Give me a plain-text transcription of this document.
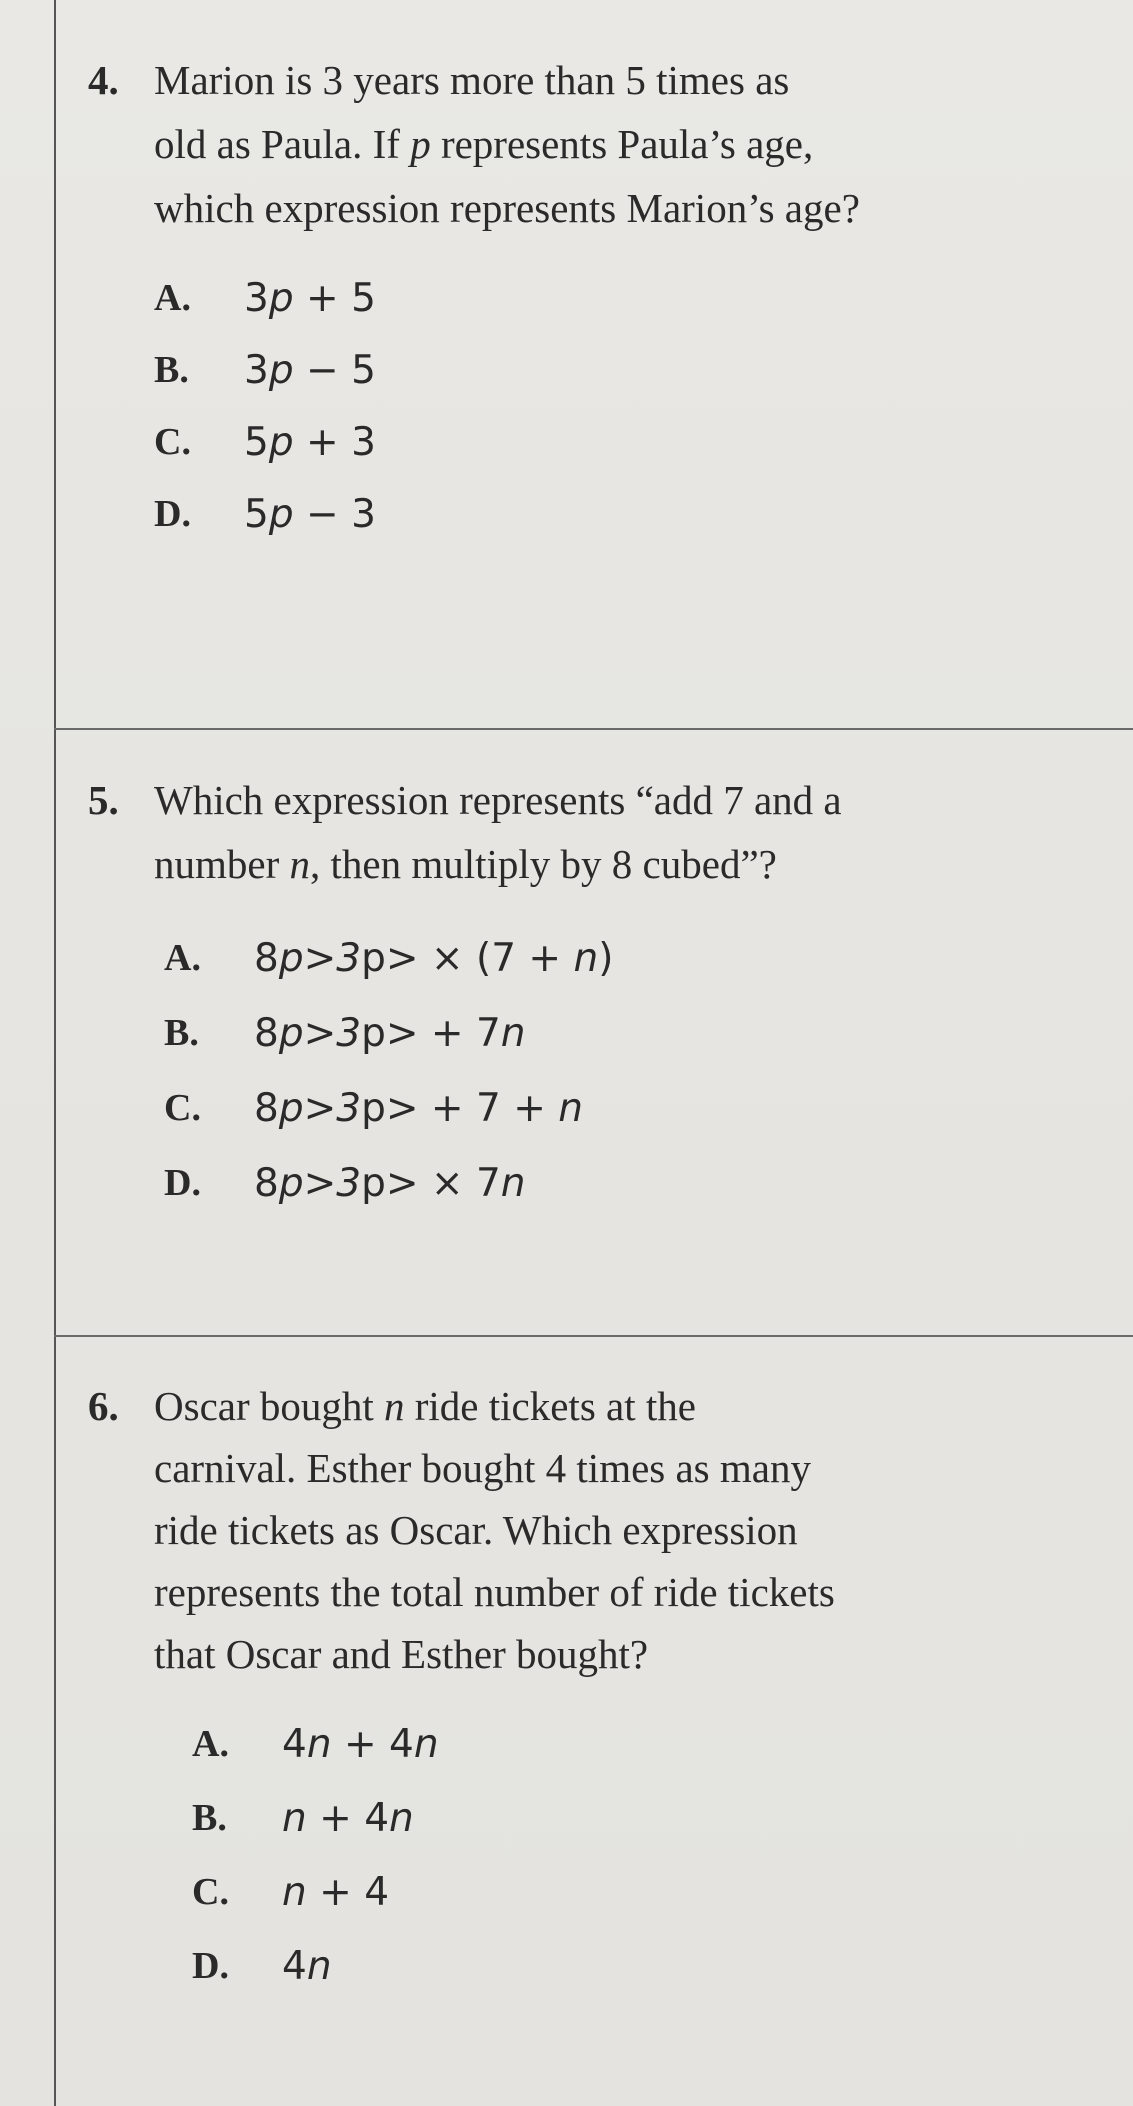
4. Marion is 3 years more than 5 times as
old as Paula. If p represents Paula’s age,
which expression represents Marion’s age?
A. 3p + 5
B. 3p − 5
C. 5p + 3
D. 5p − 3
5. Which expression represents “add 7 and a
number n, then multiply by 8 cubed”?
A. 8p>3p> × (7 + n)
B. 8p>3p> + 7n
C. 8p>3p> + 7 + n
D. 8p>3p> × 7n
6. Oscar bought n ride tickets at the
carnival. Esther bought 4 times as many
ride tickets as Oscar. Which expression
represents the total number of ride tickets
that Oscar and Esther bought?
A. 4n + 4n
B. n + 4n
C. n + 4
D. 4n
